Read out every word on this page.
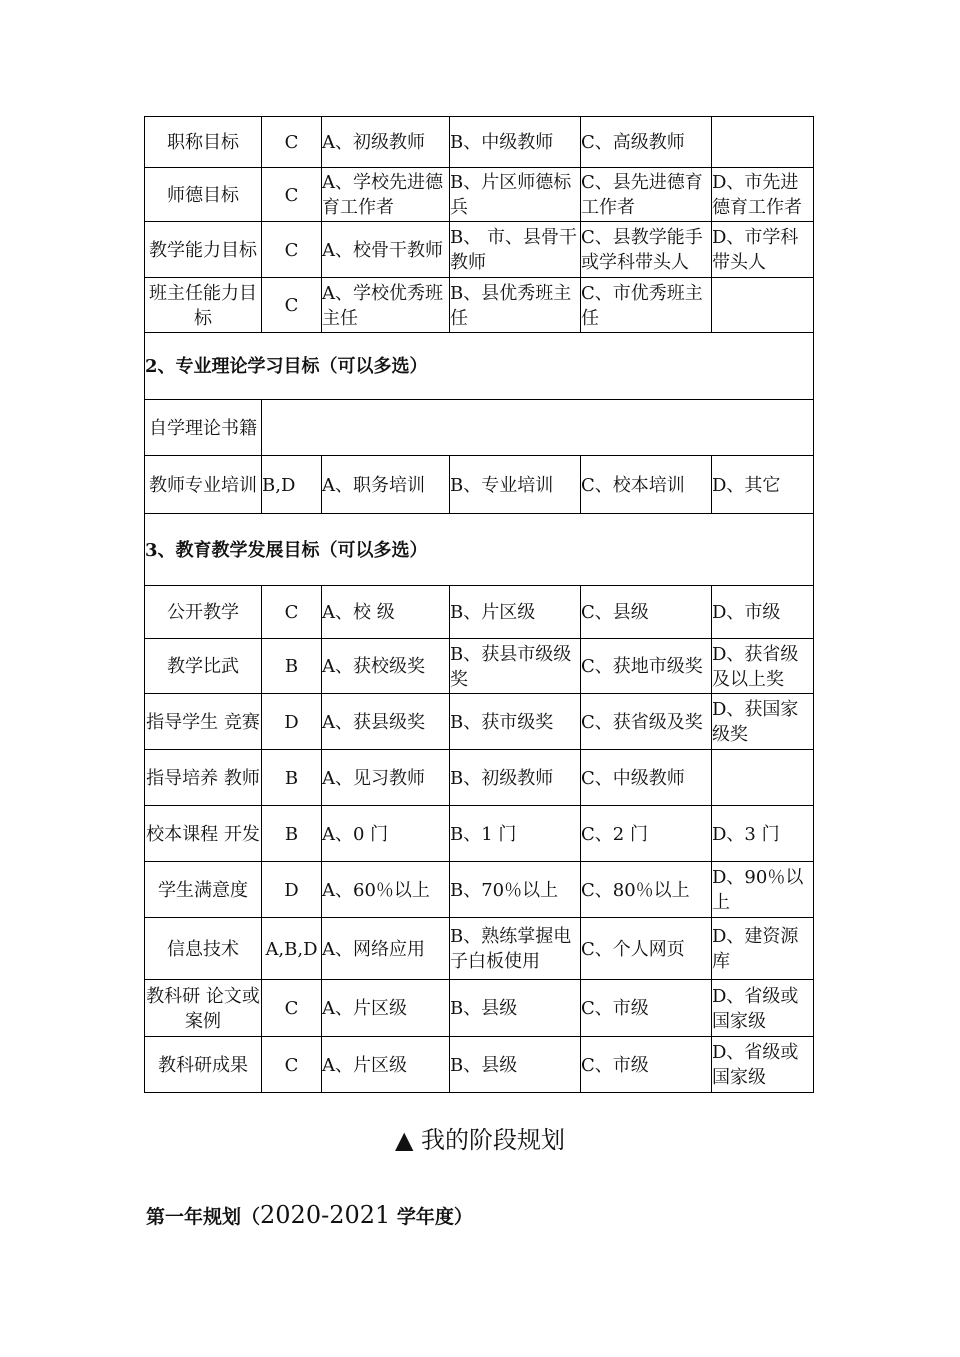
职称目标	C	A、初级教师	B、中级教师	C、高级教师	
师德目标	C	A、学校先进德育工作者	B、片区师德标兵	C、县先进德育工作者	D、市先进德育工作者
教学能力目标	C	A、校骨干教师	B、 市、县骨干教师	C、县教学能手或学科带头人	D、市学科带头人
班主任能力目标	C	A、学校优秀班主任	B、县优秀班主任	C、市优秀班主任	
2、专业理论学习目标（可以多选）					
自学理论书籍					
教师专业培训	B,D	A、职务培训	B、专业培训	C、校本培训	D、其它
3、教育教学发展目标（可以多选）					
公开教学	C	A、校 级	B、片区级	C、县级	D、市级
教学比武	B	A、获校级奖	B、获县市级级奖	C、获地市级奖	D、获省级及以上奖
指导学生 竞赛	D	A、获县级奖	B、获市级奖	C、获省级及奖	D、获国家级奖
指导培养 教师	B	A、见习教师	B、初级教师	C、中级教师	
校本课程 开发	B	A、0 门	B、1 门	C、2 门	D、3 门
学生满意度	D	A、60％以上	B、70％以上	C、80％以上	D、90％以上
信息技术	A,B,D	A、网络应用	B、熟练掌握电子白板使用	C、个人网页	D、建资源库
教科研 论文或案例	C	A、片区级	B、县级	C、市级	D、省级或国家级
教科研成果	C	A、片区级	B、县级	C、市级	D、省级或国家级
▲ 我的阶段规划
第一年规划（2020-2021 学年度）
